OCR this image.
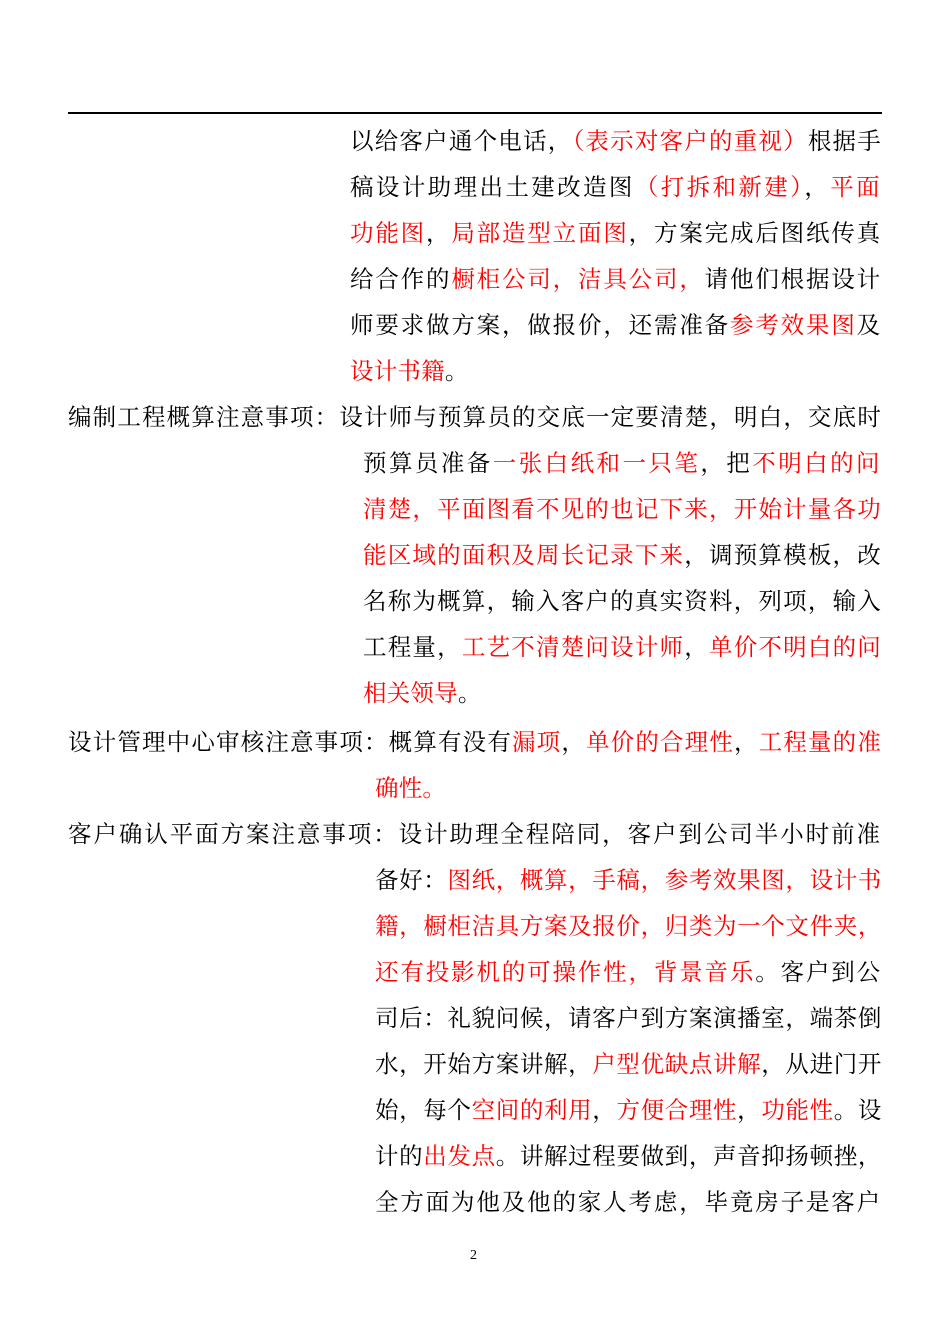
以给客户通个电话，（表示对客户的重视）根据手
稿设计助理出土建改造图（打拆和新建），平面
功能图，局部造型立面图，方案完成后图纸传真
给合作的橱柜公司，洁具公司，请他们根据设计
师要求做方案，做报价，还需准备参考效果图及
设计书籍。
编制工程概算注意事项：设计师与预算员的交底一定要清楚，明白，交底时
预算员准备一张白纸和一只笔，把不明白的问
清楚，平面图看不见的也记下来，开始计量各功
能区域的面积及周长记录下来，调预算模板，改
名称为概算，输入客户的真实资料，列项，输入
工程量，工艺不清楚问设计师，单价不明白的问
相关领导。
设计管理中心审核注意事项：概算有没有漏项，单价的合理性，工程量的准
确性。
客户确认平面方案注意事项：设计助理全程陪同，客户到公司半小时前准
备好：图纸，概算，手稿，参考效果图，设计书
籍，橱柜洁具方案及报价，归类为一个文件夹，
还有投影机的可操作性，背景音乐。客户到公
司后：礼貌问候，请客户到方案演播室，端茶倒
水，开始方案讲解，户型优缺点讲解，从进门开
始，每个空间的利用，方便合理性，功能性。设
计的出发点。讲解过程要做到，声音抑扬顿挫，
全方面为他及他的家人考虑，毕竟房子是客户
2
